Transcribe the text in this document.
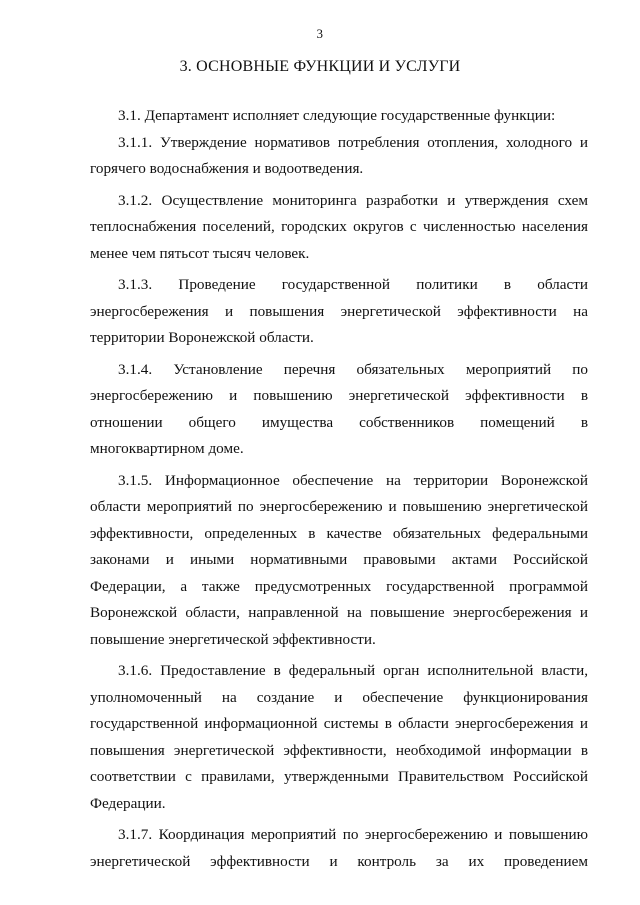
3
3. ОСНОВНЫЕ ФУНКЦИИ И УСЛУГИ

3.1. Департамент исполняет следующие государственные функции:

3.1.1. Утверждение нормативов потребления отопления, холодного и горячего водоснабжения и водоотведения.

3.1.2. Осуществление мониторинга разработки и утверждения схем теплоснабжения поселений, городских округов с численностью населения менее чем пятьсот тысяч человек.

3.1.3. Проведение государственной политики в области энергосбережения и повышения энергетической эффективности на территории Воронежской области.

3.1.4. Установление перечня обязательных мероприятий по энергосбережению и повышению энергетической эффективности в отношении общего имущества собственников помещений в многоквартирном доме.

3.1.5. Информационное обеспечение на территории Воронежской области мероприятий по энергосбережению и повышению энергетической эффективности, определенных в качестве обязательных федеральными законами и иными нормативными правовыми актами Российской Федерации, а также предусмотренных государственной программой Воронежской области, направленной на повышение энергосбережения и повышение энергетической эффективности.

3.1.6. Предоставление в федеральный орган исполнительной власти, уполномоченный на создание и обеспечение функционирования государственной информационной системы в области энергосбережения и повышения энергетической эффективности, необходимой информации в соответствии с правилами, утвержденными Правительством Российской Федерации.

3.1.7. Координация мероприятий по энергосбережению и повышению энергетической эффективности и контроль за их проведением
